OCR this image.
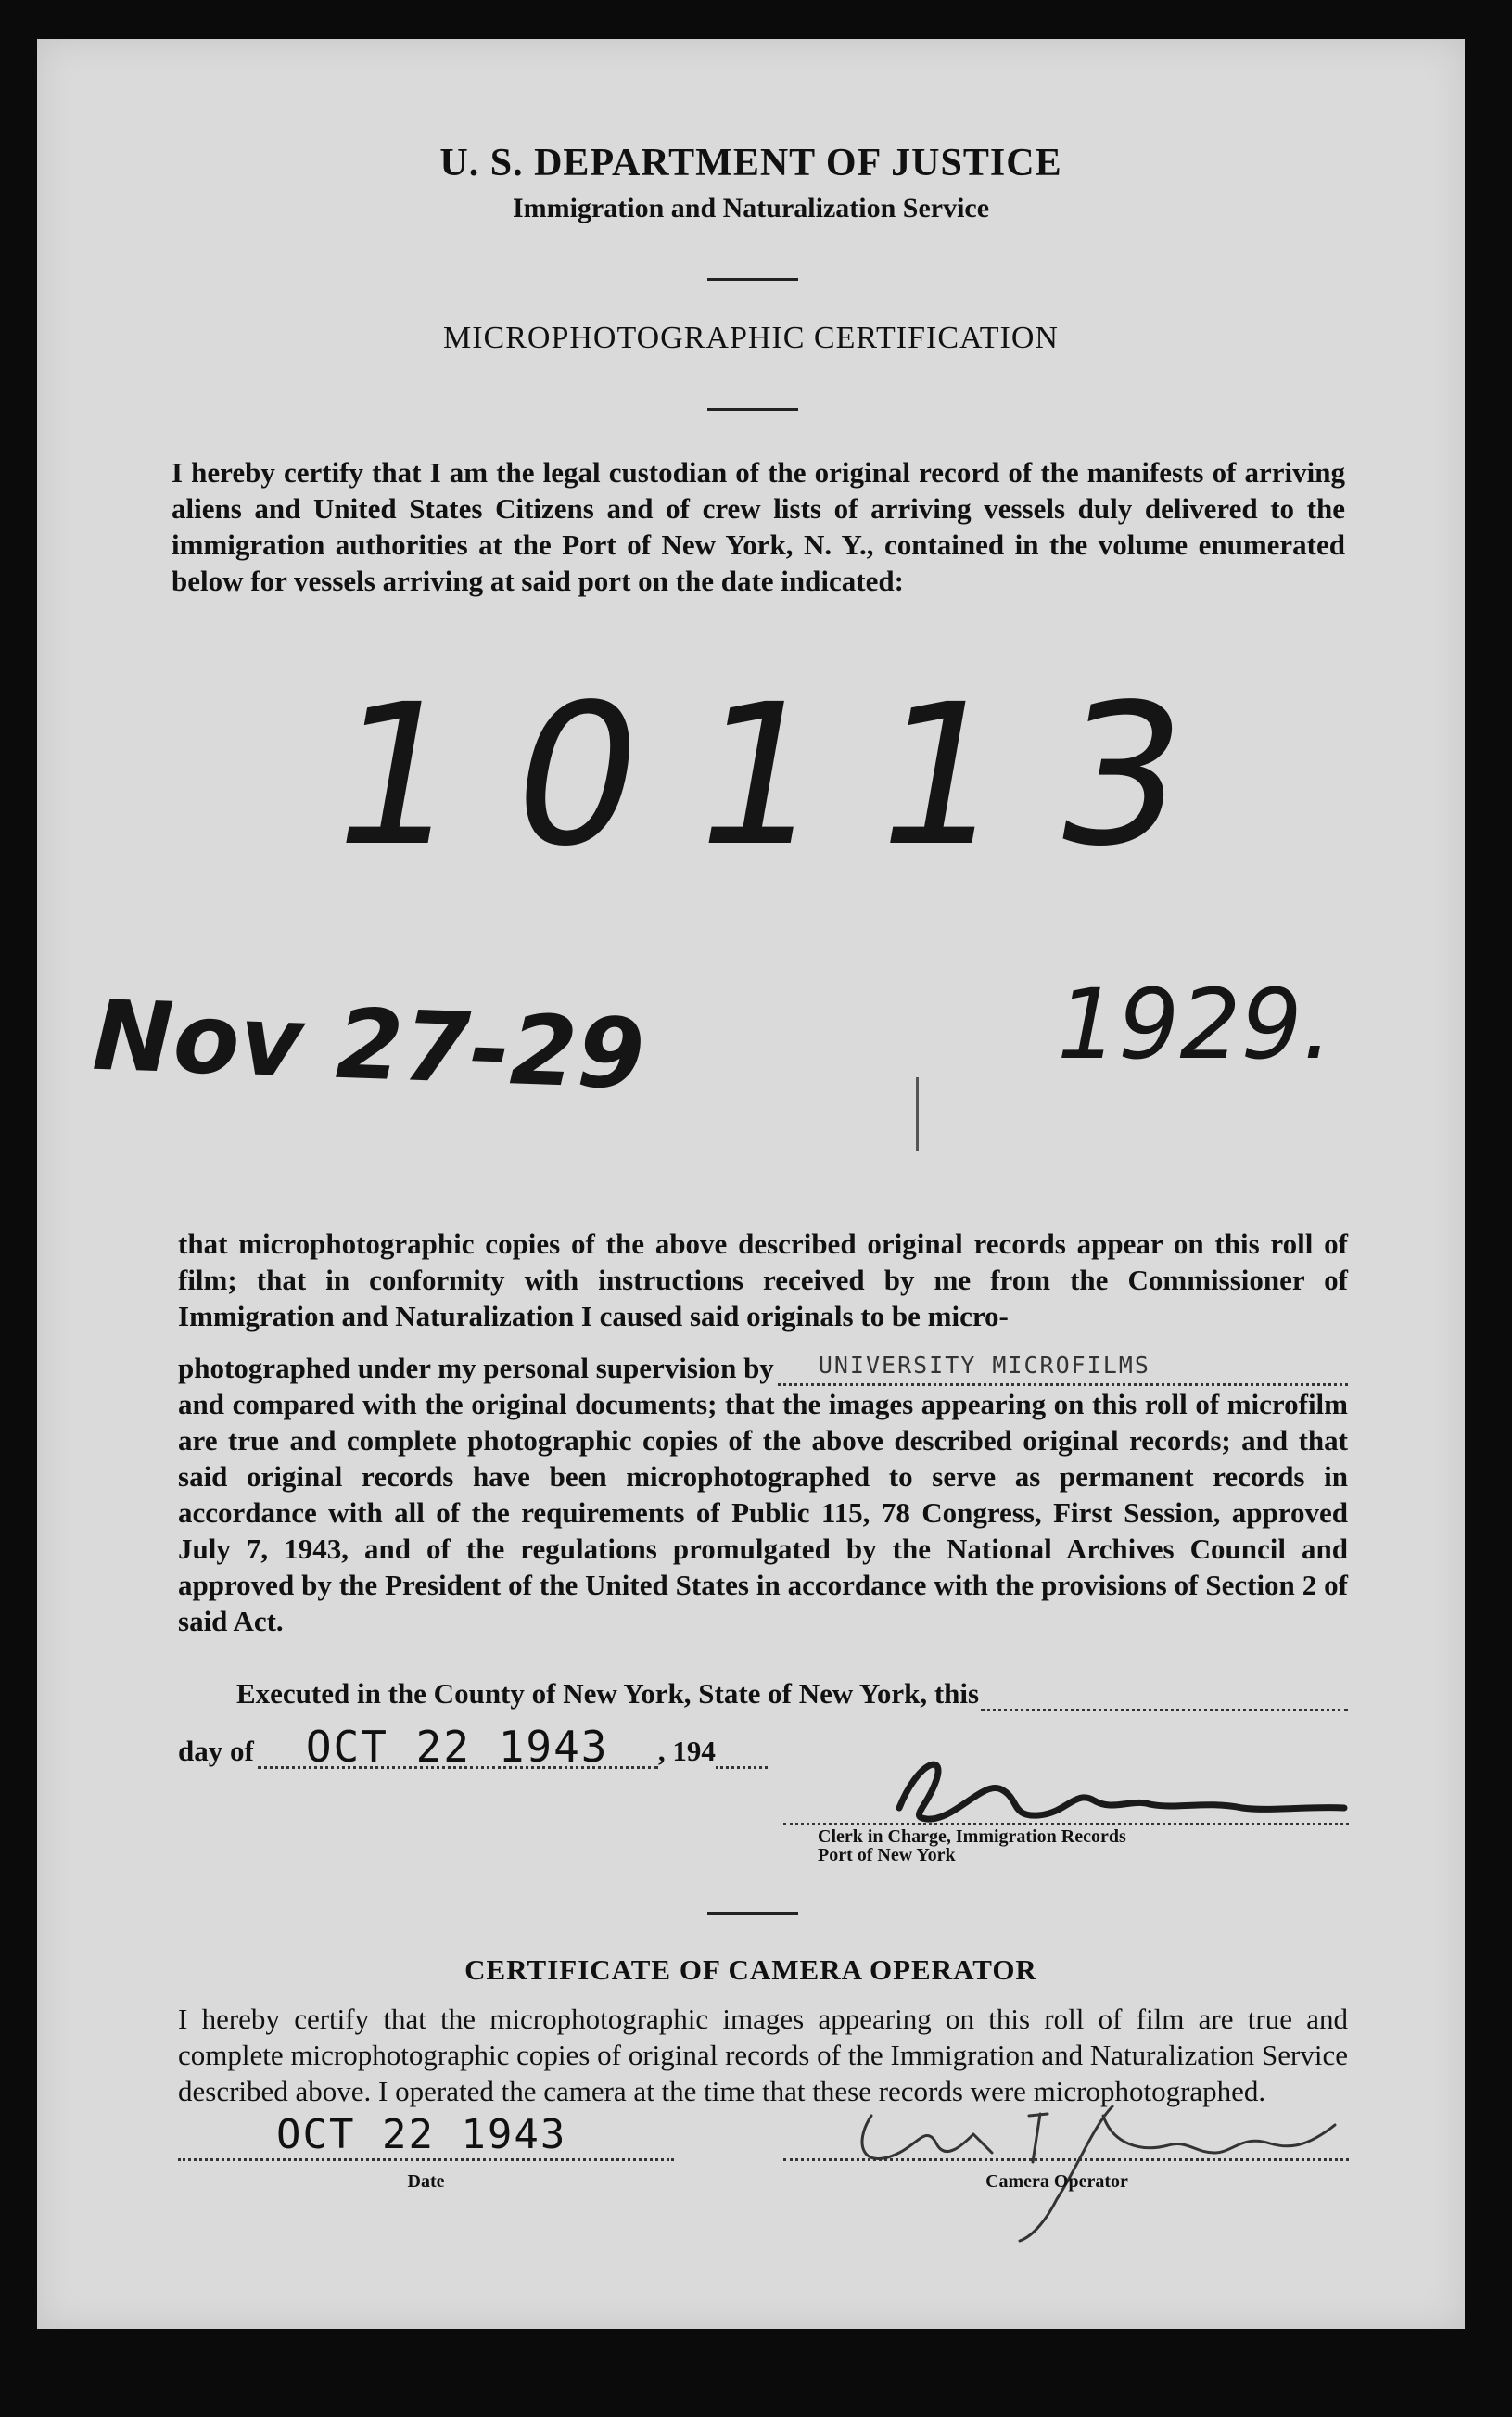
U. S. DEPARTMENT OF JUSTICE
Immigration and Naturalization Service
MICROPHOTOGRAPHIC CERTIFICATION
I hereby certify that I am the legal custodian of the original record of the manifests of arriving aliens and United States Citizens and of crew lists of arriving vessels duly delivered to the immigration authorities at the Port of New York, N. Y., contained in the volume enumerated below for vessels arriving at said port on the date indicated:
10113
Nov 27-29	1929.
that microphotographic copies of the above described original records appear on this roll of film; that in conformity with instructions received by me from the Commissioner of Immigration and Naturalization I caused said originals to be micro-
photographed under my personal supervision by UNIVERSITY MICROFILMS
and compared with the original documents; that the images appearing on this roll of microfilm are true and complete photographic copies of the above described original records; and that said original records have been microphotographed to serve as permanent records in accordance with all of the requirements of Public 115, 78 Congress, First Session, approved July 7, 1943, and of the regulations promulgated by the National Archives Council and approved by the President of the United States in accordance with the provisions of Section 2 of said Act.
Executed in the County of New York, State of New York, this
day of OCT 22 1943 , 194
Clerk in Charge, Immigration Records
Port of New York
CERTIFICATE OF CAMERA OPERATOR
I hereby certify that the microphotographic images appearing on this roll of film are true and complete microphotographic copies of original records of the Immigration and Naturalization Service described above. I operated the camera at the time that these records were microphotographed.
OCT 22 1943
Date	Camera Operator
